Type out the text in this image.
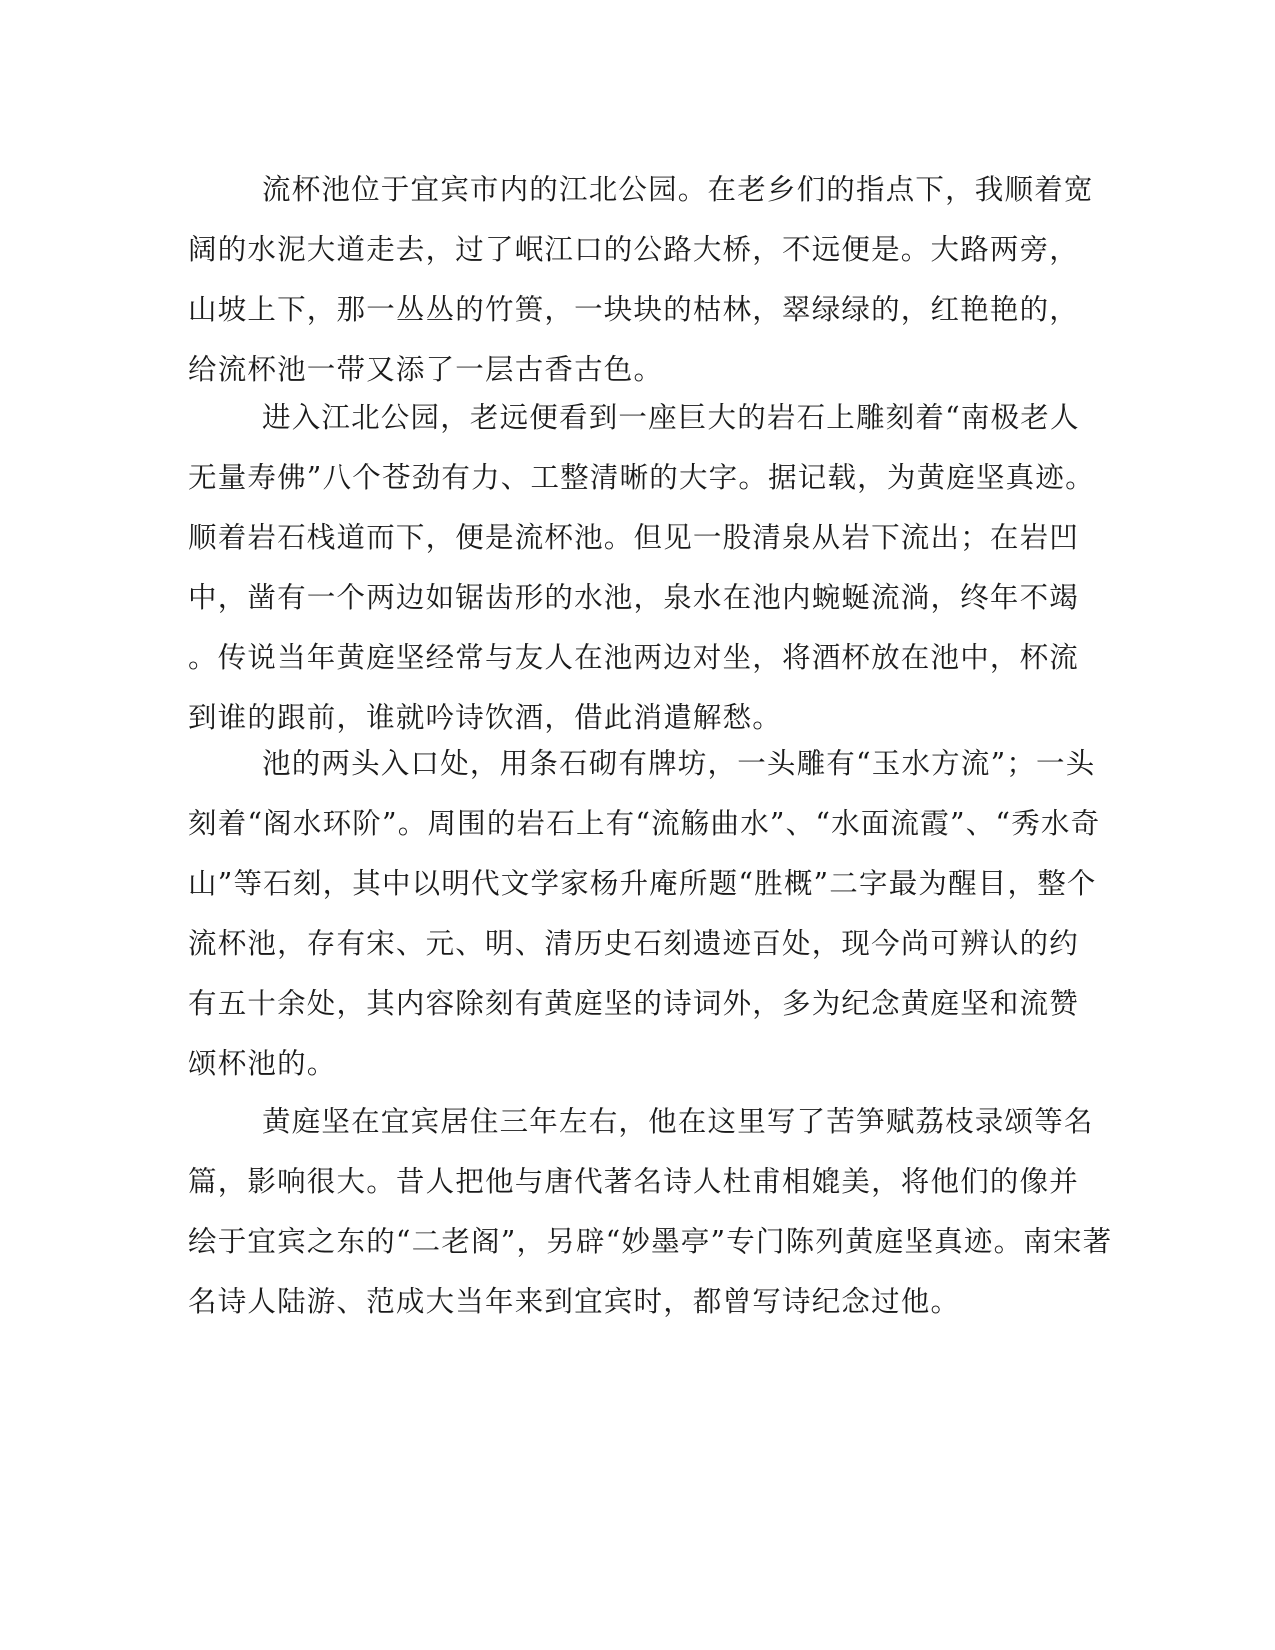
流杯池位于宜宾市内的江北公园。在老乡们的指点下，我顺着宽
阔的水泥大道走去，过了岷江口的公路大桥，不远便是。大路两旁，
山坡上下，那一丛丛的竹篑，一块块的枯林，翠绿绿的，红艳艳的，
给流杯池一带又添了一层古香古色。

进入江北公园，老远便看到一座巨大的岩石上雕刻着“南极老人
无量寿佛”八个苍劲有力、工整清晰的大字。据记载，为黄庭坚真迹。
顺着岩石栈道而下，便是流杯池。但见一股清泉从岩下流出；在岩凹
中，凿有一个两边如锯齿形的水池，泉水在池内蜿蜒流淌，终年不竭
。传说当年黄庭坚经常与友人在池两边对坐，将酒杯放在池中，杯流
到谁的跟前，谁就吟诗饮酒，借此消遣解愁。

池的两头入口处，用条石砌有牌坊，一头雕有“玉水方流”；一头
刻着“阁水环阶”。周围的岩石上有“流觞曲水”、“水面流霞”、“秀水奇
山”等石刻，其中以明代文学家杨升庵所题“胜概”二字最为醒目，整个
流杯池，存有宋、元、明、清历史石刻遗迹百处，现今尚可辨认的约
有五十余处，其内容除刻有黄庭坚的诗词外，多为纪念黄庭坚和流赞
颂杯池的。

黄庭坚在宜宾居住三年左右，他在这里写了苦笋赋荔枝录颂等名
篇，影响很大。昔人把他与唐代著名诗人杜甫相媲美，将他们的像并
绘于宜宾之东的“二老阁”，另辟“妙墨亭”专门陈列黄庭坚真迹。南宋著
名诗人陆游、范成大当年来到宜宾时，都曾写诗纪念过他。
